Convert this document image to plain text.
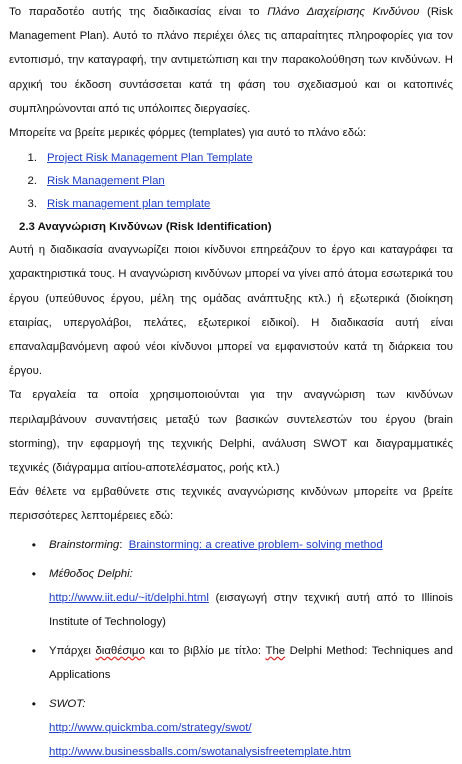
Το παραδοτέο αυτής της διαδικασίας είναι το Πλάνο Διαχείρισης Κινδύνου (Risk Management Plan). Αυτό το πλάνο περιέχει όλες τις απαραίτητες πληροφορίες για τον εντοπισμό, την καταγραφή, την αντιμετώπιση και την παρακολούθηση των κινδύνων. Η αρχική του έκδοση συντάσσεται κατά τη φάση του σχεδιασμού και οι κατοπινές συμπληρώνονται από τις υπόλοιπες διεργασίες.

Μπορείτε να βρείτε μερικές φόρμες (templates) για αυτό το πλάνο εδώ:

1. Project Risk Management Plan Template
2. Risk Management Plan
3. Risk management plan template

2.3 Αναγνώριση Κινδύνων (Risk Identification)

Αυτή η διαδικασία αναγνωρίζει ποιοι κίνδυνοι επηρεάζουν το έργο και καταγράφει τα χαρακτηριστικά τους. Η αναγνώριση κινδύνων μπορεί να γίνει από άτομα εσωτερικά του έργου (υπεύθυνος έργου, μέλη της ομάδας ανάπτυξης κτλ.) ή εξωτερικά (διοίκηση εταιρίας, υπεργολάβοι, πελάτες, εξωτερικοί ειδικοί). Η διαδικασία αυτή είναι επαναλαμβανόμενη αφού νέοι κίνδυνοι μπορεί να εμφανιστούν κατά τη διάρκεια του έργου.

Τα εργαλεία τα οποία χρησιμοποιούνται για την αναγνώριση των κινδύνων περιλαμβάνουν συναντήσεις μεταξύ των βασικών συντελεστών του έργου (brain storming), την εφαρμογή της τεχνικής Delphi, ανάλυση SWOT και διαγραμματικές τεχνικές (διάγραμμα αιτίου-αποτελέσματος, ροής κτλ.)

Εάν θέλετε να εμβαθύνετε στις τεχνικές αναγνώρισης κινδύνων μπορείτε να βρείτε περισσότερες λεπτομέρειες εδώ:

•	Brainstorming:  Brainstorming: a creative problem- solving method

•	Μέθοδος Delphi:

http://www.iit.edu/~it/delphi.html (εισαγωγή στην τεχνική αυτή από το Illinois Institute of Technology)

•	Υπάρχει διαθέσιμο και το βιβλίο με τίτλο: The Delphi Method: Techniques and Applications

•	SWOT:

http://www.quickmba.com/strategy/swot/

http://www.businessballs.com/swotanalysisfreetemplate.htm
